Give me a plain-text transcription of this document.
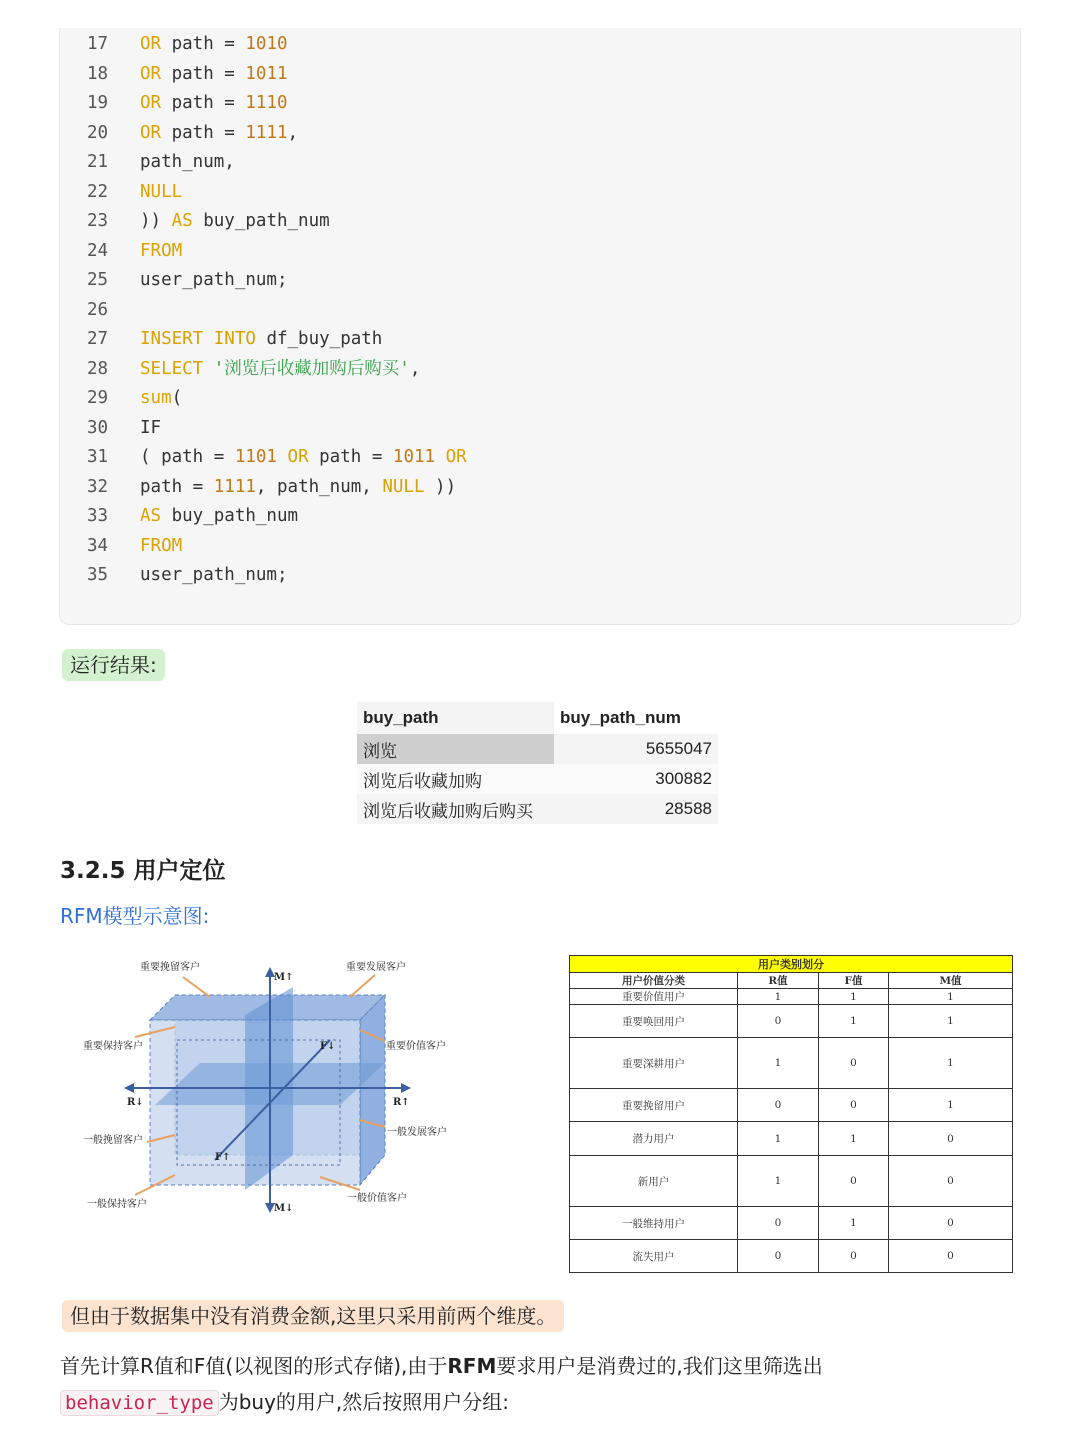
17	OR path = 1010
18	OR path = 1011
19	OR path = 1110
20	OR path = 1111,
21	path_num,
22	NULL
23	)) AS buy_path_num
24	FROM
25	user_path_num;
26
27	INSERT INTO df_buy_path
28	SELECT '浏览后收藏加购后购买',
29	sum(
30	IF
31	( path = 1101 OR path = 1011 OR
32	path = 1111, path_num, NULL ))
33	AS buy_path_num
34	FROM
35	user_path_num;
运行结果:
buy_path	buy_path_num
浏览	5655047
浏览后收藏加购	300882
浏览后收藏加购后购买	28588
3.2.5 用户定位
RFM模型示意图:
重要挽留客户	重要发展客户
重要保持客户	重要价值客户
一般挽留客户
一般发展客户
一般保持客户
一般价值客户
M↑
M↓
R↓	R↑
F↓
F↑
用户类别划分			
用户价值分类	R值	F值	M值
重要价值用户	1	1	1
重要唤回用户	0	1	1
重要深耕用户	1	0	1
重要挽留用户	0	0	1
潜力用户	1	1	0
新用户	1	0	0
一般维持用户	0	1	0
流失用户	0	0	0
但由于数据集中没有消费金额,这里只采用前两个维度。
首先计算R值和F值(以视图的形式存储),由于RFM要求用户是消费过的,我们这里筛选出
behavior_type 为buy的用户,然后按照用户分组:
